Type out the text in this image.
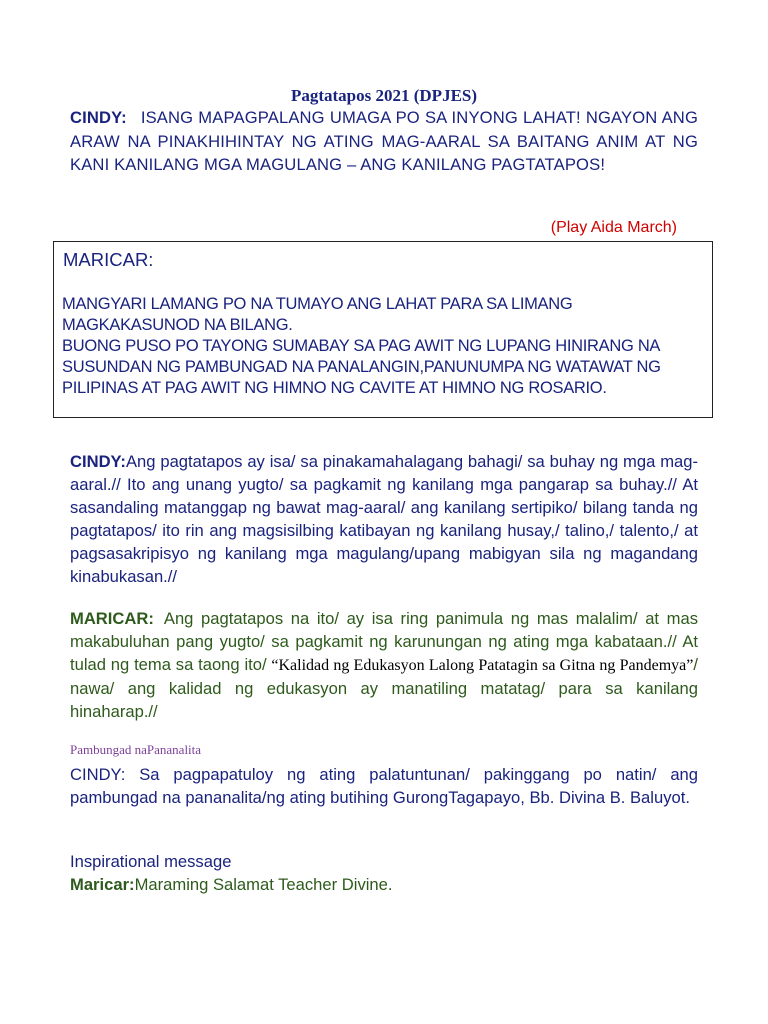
Pagtatapos 2021 (DPJES)
CINDY: ISANG MAPAGPALANG UMAGA PO SA INYONG LAHAT! NGAYON ANG ARAW NA PINAKHIHINTAY NG ATING MAG-AARAL SA BAITANG ANIM AT NG KANI KANILANG MGA MAGULANG – ANG KANILANG PAGTATAPOS!
(Play Aida March)
MARICAR:
MANGYARI LAMANG PO NA TUMAYO ANG LAHAT PARA SA LIMANG MAGKAKASUNOD NA BILANG.
BUONG PUSO PO TAYONG SUMABAY SA PAG AWIT NG LUPANG HINIRANG NA SUSUNDAN NG PAMBUNGAD NA PANALANGIN,PANUNUMPA NG WATAWAT NG PILIPINAS AT PAG AWIT NG HIMNO NG CAVITE AT HIMNO NG ROSARIO.
CINDY:Ang pagtatapos ay isa/ sa pinakamahalagang bahagi/ sa buhay ng mga mag-aaral.// Ito ang unang yugto/ sa pagkamit ng kanilang mga pangarap sa buhay.// At sasandaling matanggap ng bawat mag-aaral/ ang kanilang sertipiko/ bilang tanda ng pagtatapos/ ito rin ang magsisilbing katibayan ng kanilang husay,/ talino,/ talento,/ at pagsasakripisyo ng kanilang mga magulang/upang mabigyan sila ng magandang kinabukasan.//
MARICAR: Ang pagtatapos na ito/ ay isa ring panimula ng mas malalim/ at mas makabuluhan pang yugto/ sa pagkamit ng karunungan ng ating mga kabataan.// At tulad ng tema sa taong ito/ “Kalidad ng Edukasyon Lalong Patatagin sa Gitna ng Pandemya”/ nawa/ ang kalidad ng edukasyon ay manatiling matatag/ para sa kanilang hinaharap.//
Pambungad naPananalita
CINDY: Sa pagpapatuloy ng ating palatuntunan/ pakinggang po natin/ ang pambungad na pananalita/ng ating butihing GurongTagapayo, Bb. Divina B. Baluyot.
Inspirational message
Maricar:Maraming Salamat Teacher Divine.
